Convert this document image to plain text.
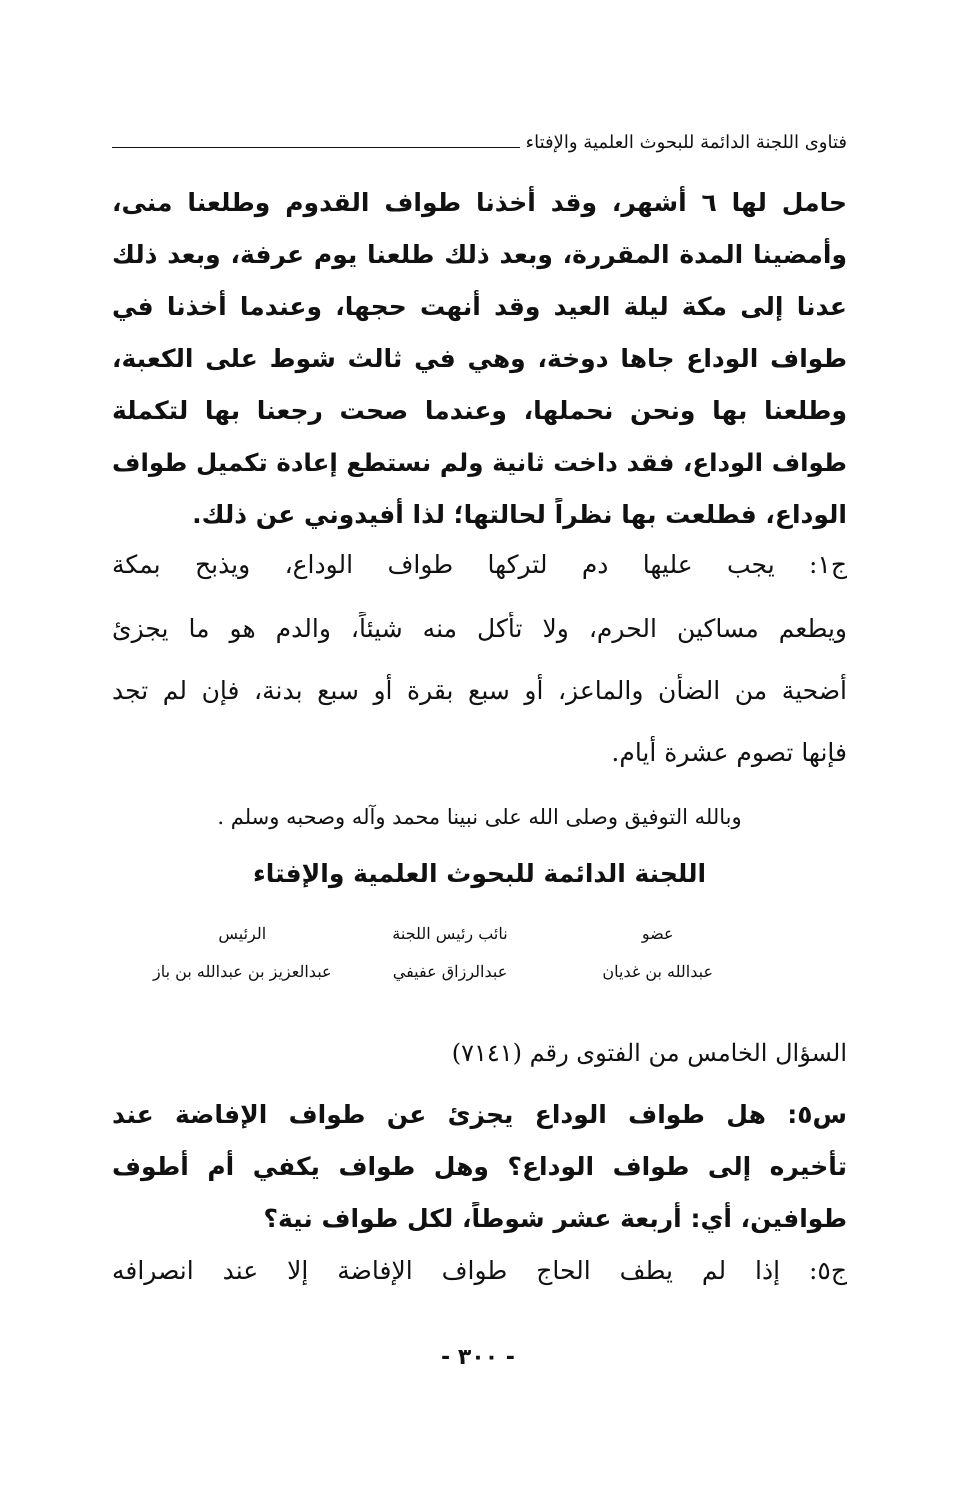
فتاوى اللجنة الدائمة للبحوث العلمية والإفتاء
حامل لها ٦ أشهر، وقد أخذنا طواف القدوم وطلعنا منى،
وأمضينا المدة المقررة، وبعد ذلك طلعنا يوم عرفة، وبعد ذلك
عدنا إلى مكة ليلة العيد وقد أنهت حجها، وعندما أخذنا في
طواف الوداع جاها دوخة، وهي في ثالث شوط على الكعبة،
وطلعنا بها ونحن نحملها، وعندما صحت رجعنا بها لتكملة
طواف الوداع، فقد داخت ثانية ولم نستطع إعادة تكميل طواف
الوداع، فطلعت بها نظراً لحالتها؛ لذا أفيدوني عن ذلك.
ج١: يجب عليها دم لتركها طواف الوداع، ويذبح بمكة
ويطعم مساكين الحرم، ولا تأكل منه شيئاً، والدم هو ما يجزئ
أضحية من الضأن والماعز، أو سبع بقرة أو سبع بدنة، فإن لم تجد
فإنها تصوم عشرة أيام.
وبالله التوفيق وصلى الله على نبينا محمد وآله وصحبه وسلم .
اللجنة الدائمة للبحوث العلمية والإفتاء
عضو
نائب رئيس اللجنة
الرئيس
عبدالله بن غديان
عبدالرزاق عفيفي
عبدالعزيز بن عبدالله بن باز
السؤال الخامس من الفتوى رقم (٧١٤١)
س٥: هل طواف الوداع يجزئ عن طواف الإفاضة عند
تأخيره إلى طواف الوداع؟ وهل طواف يكفي أم أطوف
طوافين، أي: أربعة عشر شوطاً، لكل طواف نية؟
ج٥: إذا لم يطف الحاج طواف الإفاضة إلا عند انصرافه
- ٣٠٠ -
